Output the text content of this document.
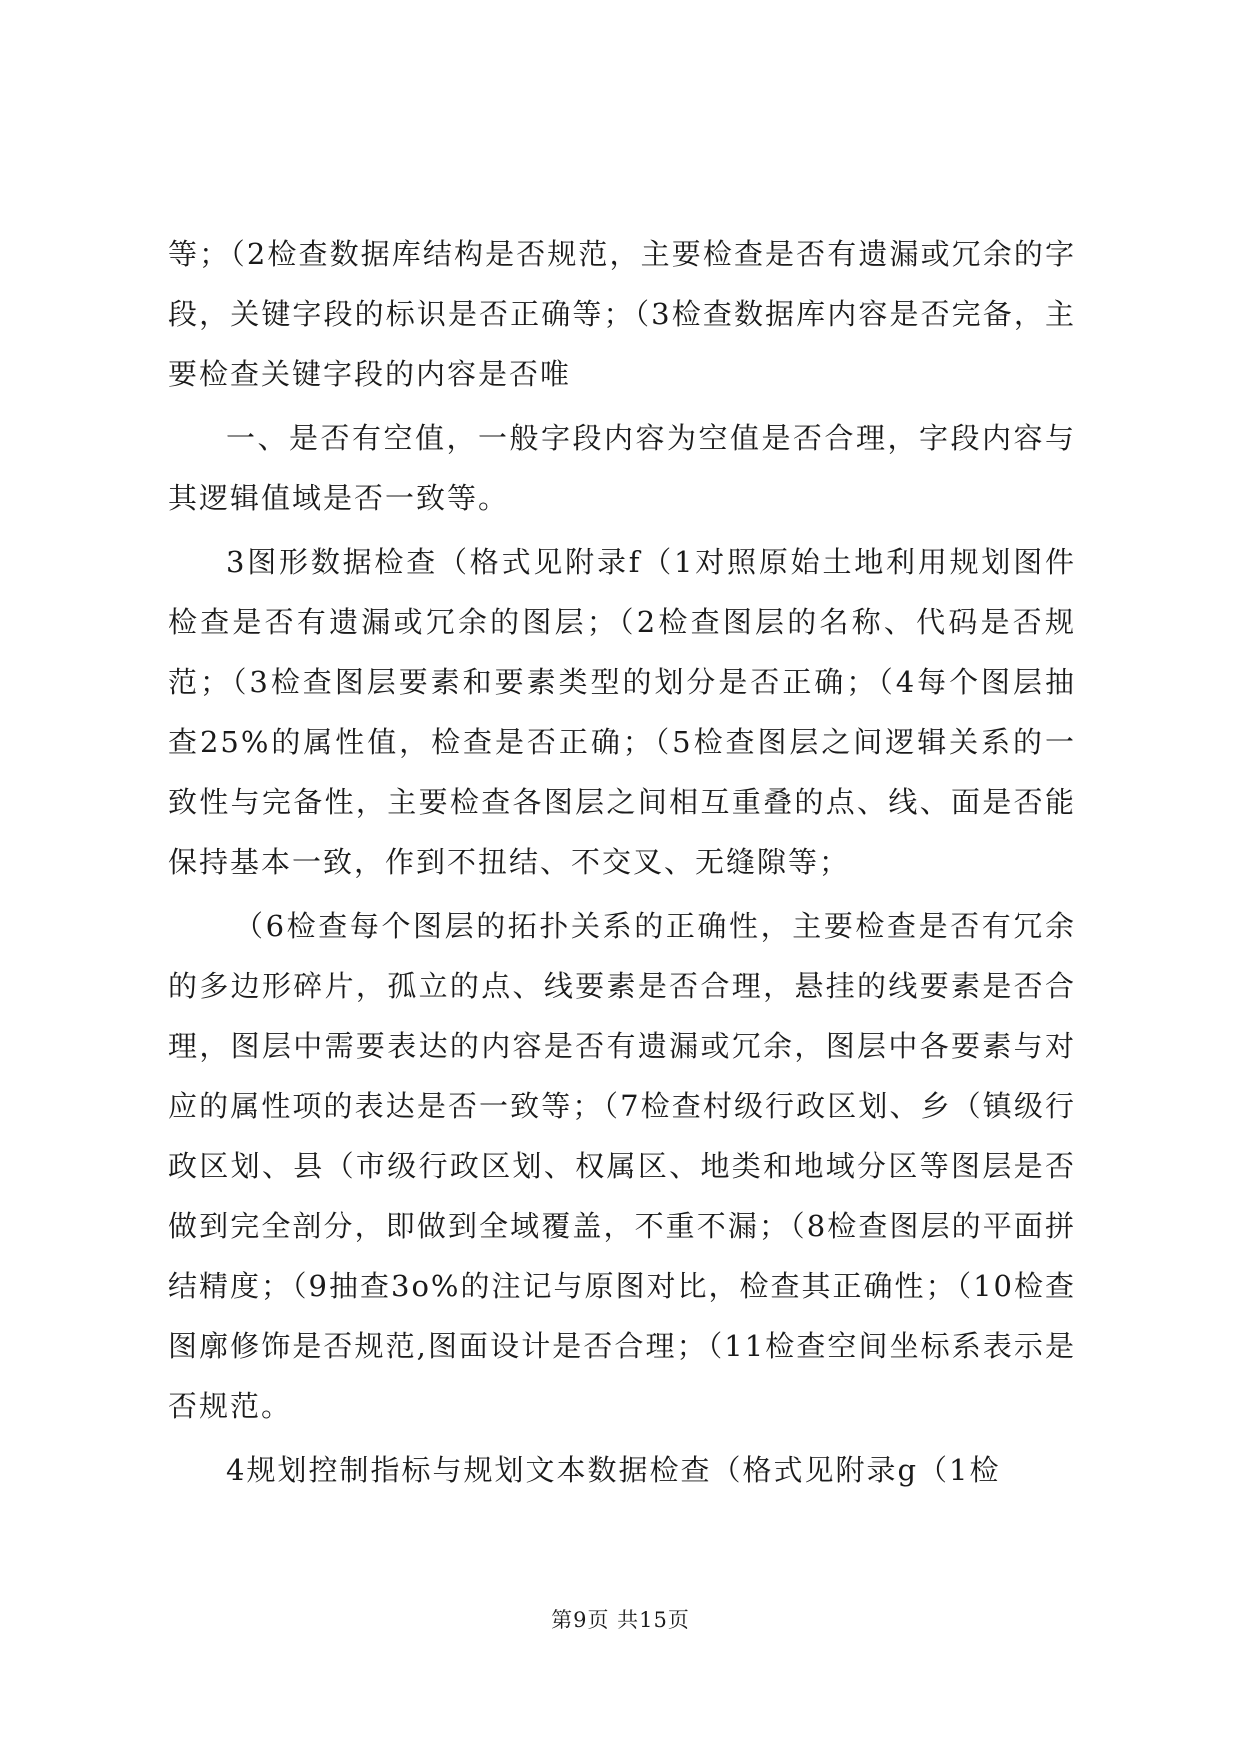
等；（2检查数据库结构是否规范，主要检查是否有遗漏或冗余的字段，关键字段的标识是否正确等；（3检查数据库内容是否完备，主要检查关键字段的内容是否唯

一、是否有空值，一般字段内容为空值是否合理，字段内容与其逻辑值域是否一致等。

3图形数据检查（格式见附录f（1对照原始土地利用规划图件检查是否有遗漏或冗余的图层；（2检查图层的名称、代码是否规范；（3检查图层要素和要素类型的划分是否正确；（4每个图层抽查25%的属性值，检查是否正确；（5检查图层之间逻辑关系的一致性与完备性，主要检查各图层之间相互重叠的点、线、面是否能保持基本一致，作到不扭结、不交叉、无缝隙等；

（6检查每个图层的拓扑关系的正确性，主要检查是否有冗余的多边形碎片，孤立的点、线要素是否合理，悬挂的线要素是否合理，图层中需要表达的内容是否有遗漏或冗余，图层中各要素与对应的属性项的表达是否一致等；（7检查村级行政区划、乡（镇级行政区划、县（市级行政区划、权属区、地类和地域分区等图层是否做到完全剖分，即做到全域覆盖，不重不漏；（8检查图层的平面拼结精度；（9抽查3o%的注记与原图对比，检查其正确性；（10检查图廓修饰是否规范,图面设计是否合理；（11检查空间坐标系表示是否规范。

4规划控制指标与规划文本数据检查（格式见附录g（1检

第9页 共15页
